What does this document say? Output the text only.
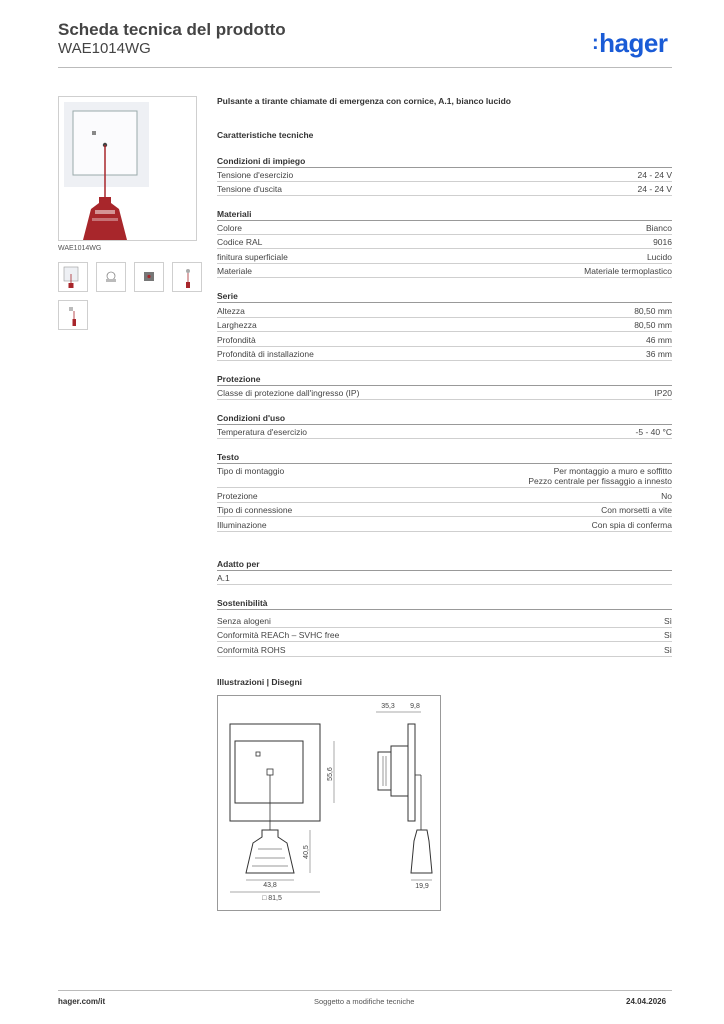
Scheda tecnica del prodotto
WAE1014WG	:hager
WAE1014WG
Pulsante a tirante chiamate di emergenza con cornice, A.1, bianco lucido
Caratteristiche tecniche
Condizioni di impiego
Tensione d'esercizio	24 - 24 V
Tensione d'uscita	24 - 24 V
Materiali
Colore	Bianco
Codice RAL	9016
finitura superficiale	Lucido
Materiale	Materiale termoplastico
Serie
Altezza	80,50 mm
Larghezza	80,50 mm
Profondità	46 mm
Profondità di installazione	36 mm
Protezione
Classe di protezione dall'ingresso (IP)	IP20
Condizioni d'uso
Temperatura d'esercizio	-5 - 40 °C
Testo
Tipo di montaggio	Per montaggio a muro e soffitto
Pezzo centrale per fissaggio a innesto
Protezione	No
Tipo di connessione	Con morsetti a vite
Illuminazione	Con spia di conferma
Adatto per
A.1
Sostenibilità
Senza alogeni	Sì
Conformità REACh – SVHC free	Sì
Conformità ROHS	Sì
Illustrazioni | Disegni
55,6
40,5
43,8
□ 81,5
35,3 9,8
19,9
hager.com/it	Soggetto a modifiche tecniche	24.04.2026
